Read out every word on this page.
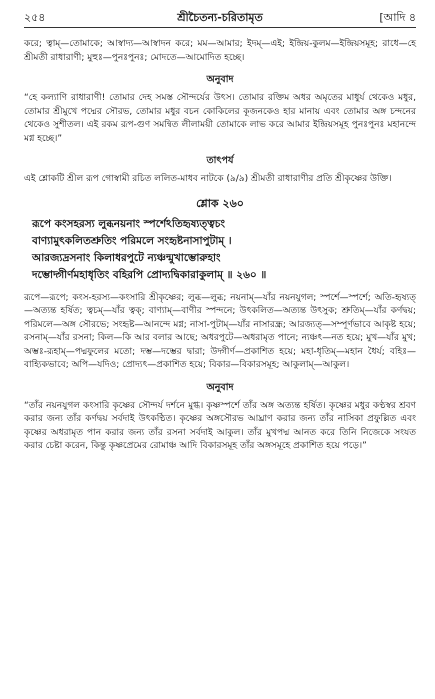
২৫৪	শ্রীচৈতন্য-চরিতামৃত	[আদি ৪

করে; ত্বাম্—তোমাকে; আস্বাদ্য—আস্বাদন করে; মম—আমার; ইদম্—এই; ইন্দ্রিয়-কুলম—ইন্দ্রিয়সমূহ; রাধে—হে শ্রীমতী রাধারাণী; মুহুঃ—পুনঃপুনঃ; মোদতে—আমোদিত হচ্ছে।

অনুবাদ

“হে কল্যাণি রাধারাণী! তোমার দেহ সমস্ত সৌন্দর্যের উৎস। তোমার রক্তিম অধর অমৃতের মাধুর্য থেকেও মধুর, তোমার শ্রীমুখে পদ্মের সৌরভ, তোমার মধুর বচন কোকিলের কূজনকেও হার মানায় এবং তোমার অঙ্গ চন্দনের থেকেও সুশীতল। এই রকম রূপ-গুণ সমন্বিত লীলাময়ী তোমাকে লাভ করে আমার ইন্দ্রিয়সমূহ পুনঃপুনঃ মহানন্দে মগ্ন হচ্ছে।”

তাৎপর্য

এই শ্লোকটি শ্রীল রূপ গোস্বামী রচিত ললিত-মাধব নাটকে (৯/৯) শ্রীমতী রাধারাণীর প্রতি শ্রীকৃষ্ণের উক্তি।

শ্লোক ২৬০

রূপে কংসহরস্য লুব্ধনয়নাং স্পর্শেঽতিহৃষ্যত্ত্বচং

বাণ্যামুৎকলিতশ্রুতিং পরিমলে সংহৃষ্টনাসাপুটাম্ ।

আরজ্যদ্রসনাং কিলাধরপুটে ন্যঞ্চন্মুখাম্ভোরুহাং

দম্ভোদ্গীর্ণমহাধৃতিং বহিরপি প্রোদ্যদ্বিকারাকুলাম্ ॥ ২৬০ ॥

রূপে—রূপে; কংস-হরস্য—কংসারি শ্রীকৃষ্ণের; লুব্ধ—লুব্ধ; নয়নাম্—যাঁর নয়নযুগল; স্পর্শে—স্পর্শে; অতি-হৃষ্যত্—অত্যন্ত হর্ষিত; ত্বচম্—যাঁর ত্বক্; বাণ্যাম্—বাণীর স্পন্দনে; উৎকলিত—অত্যন্ত উৎসুক; শ্রুতিম্—যাঁর কর্ণদ্বয়; পরিমলে—অঙ্গ সৌরভে; সংহৃষ্ট—আনন্দে মগ্ন; নাসা-পুটাম্—যাঁর নাসারন্ধ্র; আরজ্যত্—সম্পূর্ণভাবে আকৃষ্ট হয়ে; রসনাম্—যাঁর রসনা; কিল—কি আর বলার আছে; অধরপুটে—অধরামৃত পানে; ন্যঞ্চৎ—নত হয়ে; মুখ—যাঁর মুখ; অম্ভঃ-রূহাম্—পদ্মফুলের মতো; দম্ভ—দম্ভের দ্বারা; উদ্গীর্ণ—প্রকাশিত হয়ে; মহা-ধৃতিম্—মহান ধৈর্য; বহিঃ—বাহ্যিকভাবে; অপি—যদিও; প্রোদ্যৎ—প্রকাশিত হয়ে; বিকার—বিকারসমূহ; আকুলাম্—আকুল।

অনুবাদ

“তাঁর নয়নযুগল কংসারি কৃষ্ণের সৌন্দর্য দর্শনে মুগ্ধ। কৃষ্ণস্পর্শে তাঁর অঙ্গ অত্যন্ত হর্ষিত। কৃষ্ণের মধুর কণ্ঠস্বর শ্রবণ করার জন্য তাঁর কর্ণদ্বয় সর্বদাই উৎকণ্ঠিত। কৃষ্ণের অঙ্গসৌরভ আঘ্রাণ করার জন্য তাঁর নাসিকা প্রফুল্লিত এবং কৃষ্ণের অধরামৃত পান করার জন্য তাঁর রসনা সর্বদাই আকুল। তাঁর মুখপদ্ম আনত করে তিনি নিজেকে সংযত করার চেষ্টা করেন, কিন্তু কৃষ্ণপ্রেমের রোমাঞ্চ আদি বিকারসমূহ তাঁর অঙ্গসমূহে প্রকাশিত হয়ে পড়ে।”
